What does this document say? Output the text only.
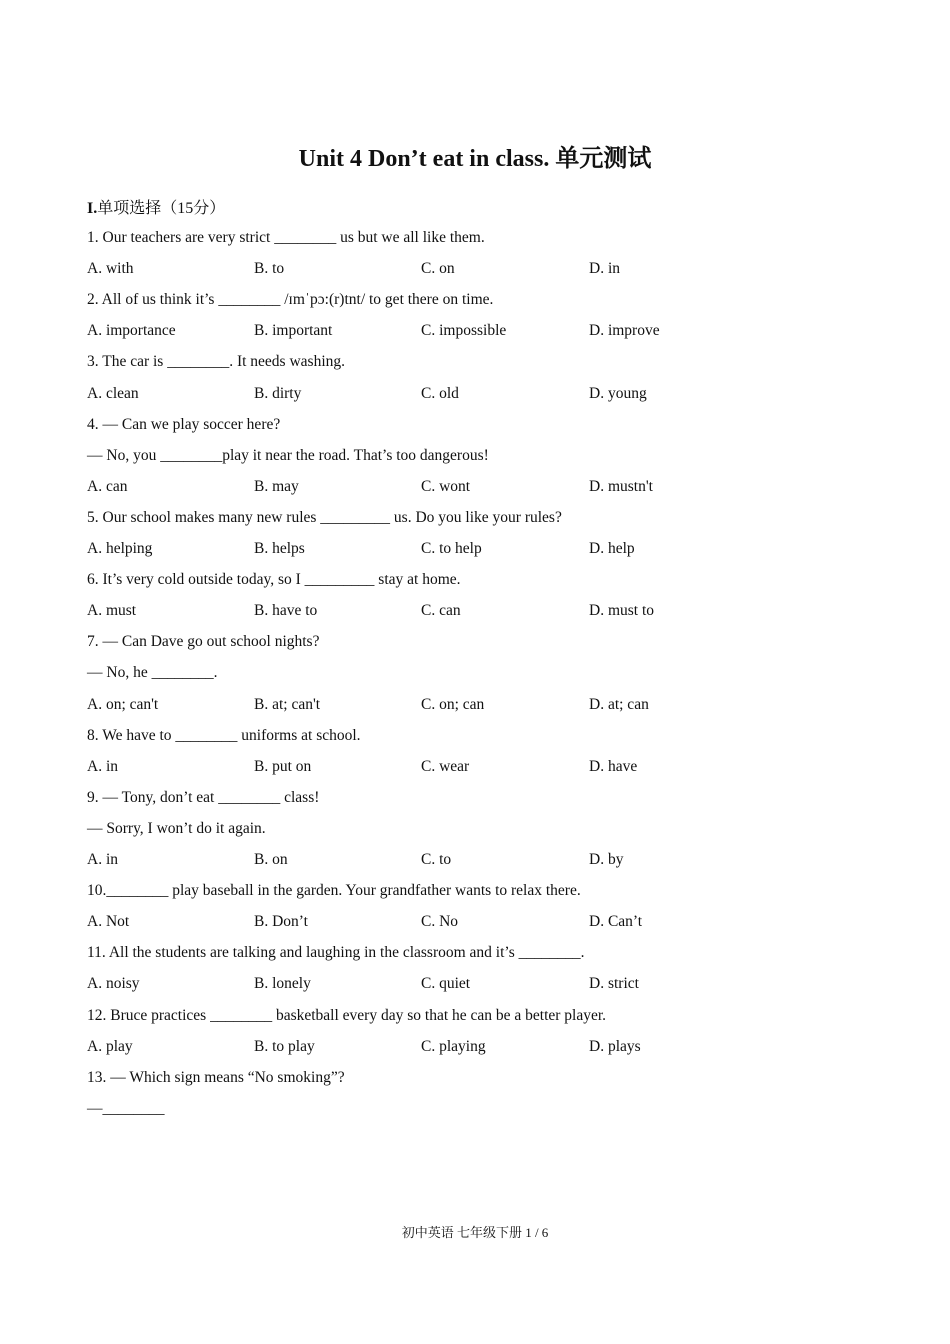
Unit 4 Don’t eat in class. 单元测试
I.单项选择（15分）
1. Our teachers are very strict ________ us but we all like them.
A. with	B. to	C. on	D. in
2. All of us think it’s ________ /ɪmˈpɔ:(r)tnt/ to get there on time.
A. importance	B. important	C. impossible	D. improve
3. The car is ________. It needs washing.
A. clean	B. dirty	C. old	D. young
4. — Can we play soccer here?
— No, you ________play it near the road. That’s too dangerous!
A. can	B. may	C. wont	D. mustn't
5. Our school makes many new rules _________ us. Do you like your rules?
A. helping	B. helps	C. to help	D. help
6. It’s very cold outside today, so I _________ stay at home.
A. must	B. have to	C. can	D. must to
7. — Can Dave go out school nights?
— No, he ________.
A. on; can't	B. at; can't	C. on; can	D. at; can
8. We have to ________ uniforms at school.
A. in	B. put on	C. wear	D. have
9. — Tony, don’t eat ________ class!
— Sorry, I won’t do it again.
A. in	B. on	C. to	D. by
10.________ play baseball in the garden. Your grandfather wants to relax there.
A. Not	B. Don’t	C. No	D. Can’t
11. All the students are talking and laughing in the classroom and it’s ________.
A. noisy	B. lonely	C. quiet	D. strict
12. Bruce practices ________ basketball every day so that he can be a better player.
A. play	B. to play	C. playing	D. plays
13. — Which sign means “No smoking”?
—________
初中英语 七年级下册 1 / 6
